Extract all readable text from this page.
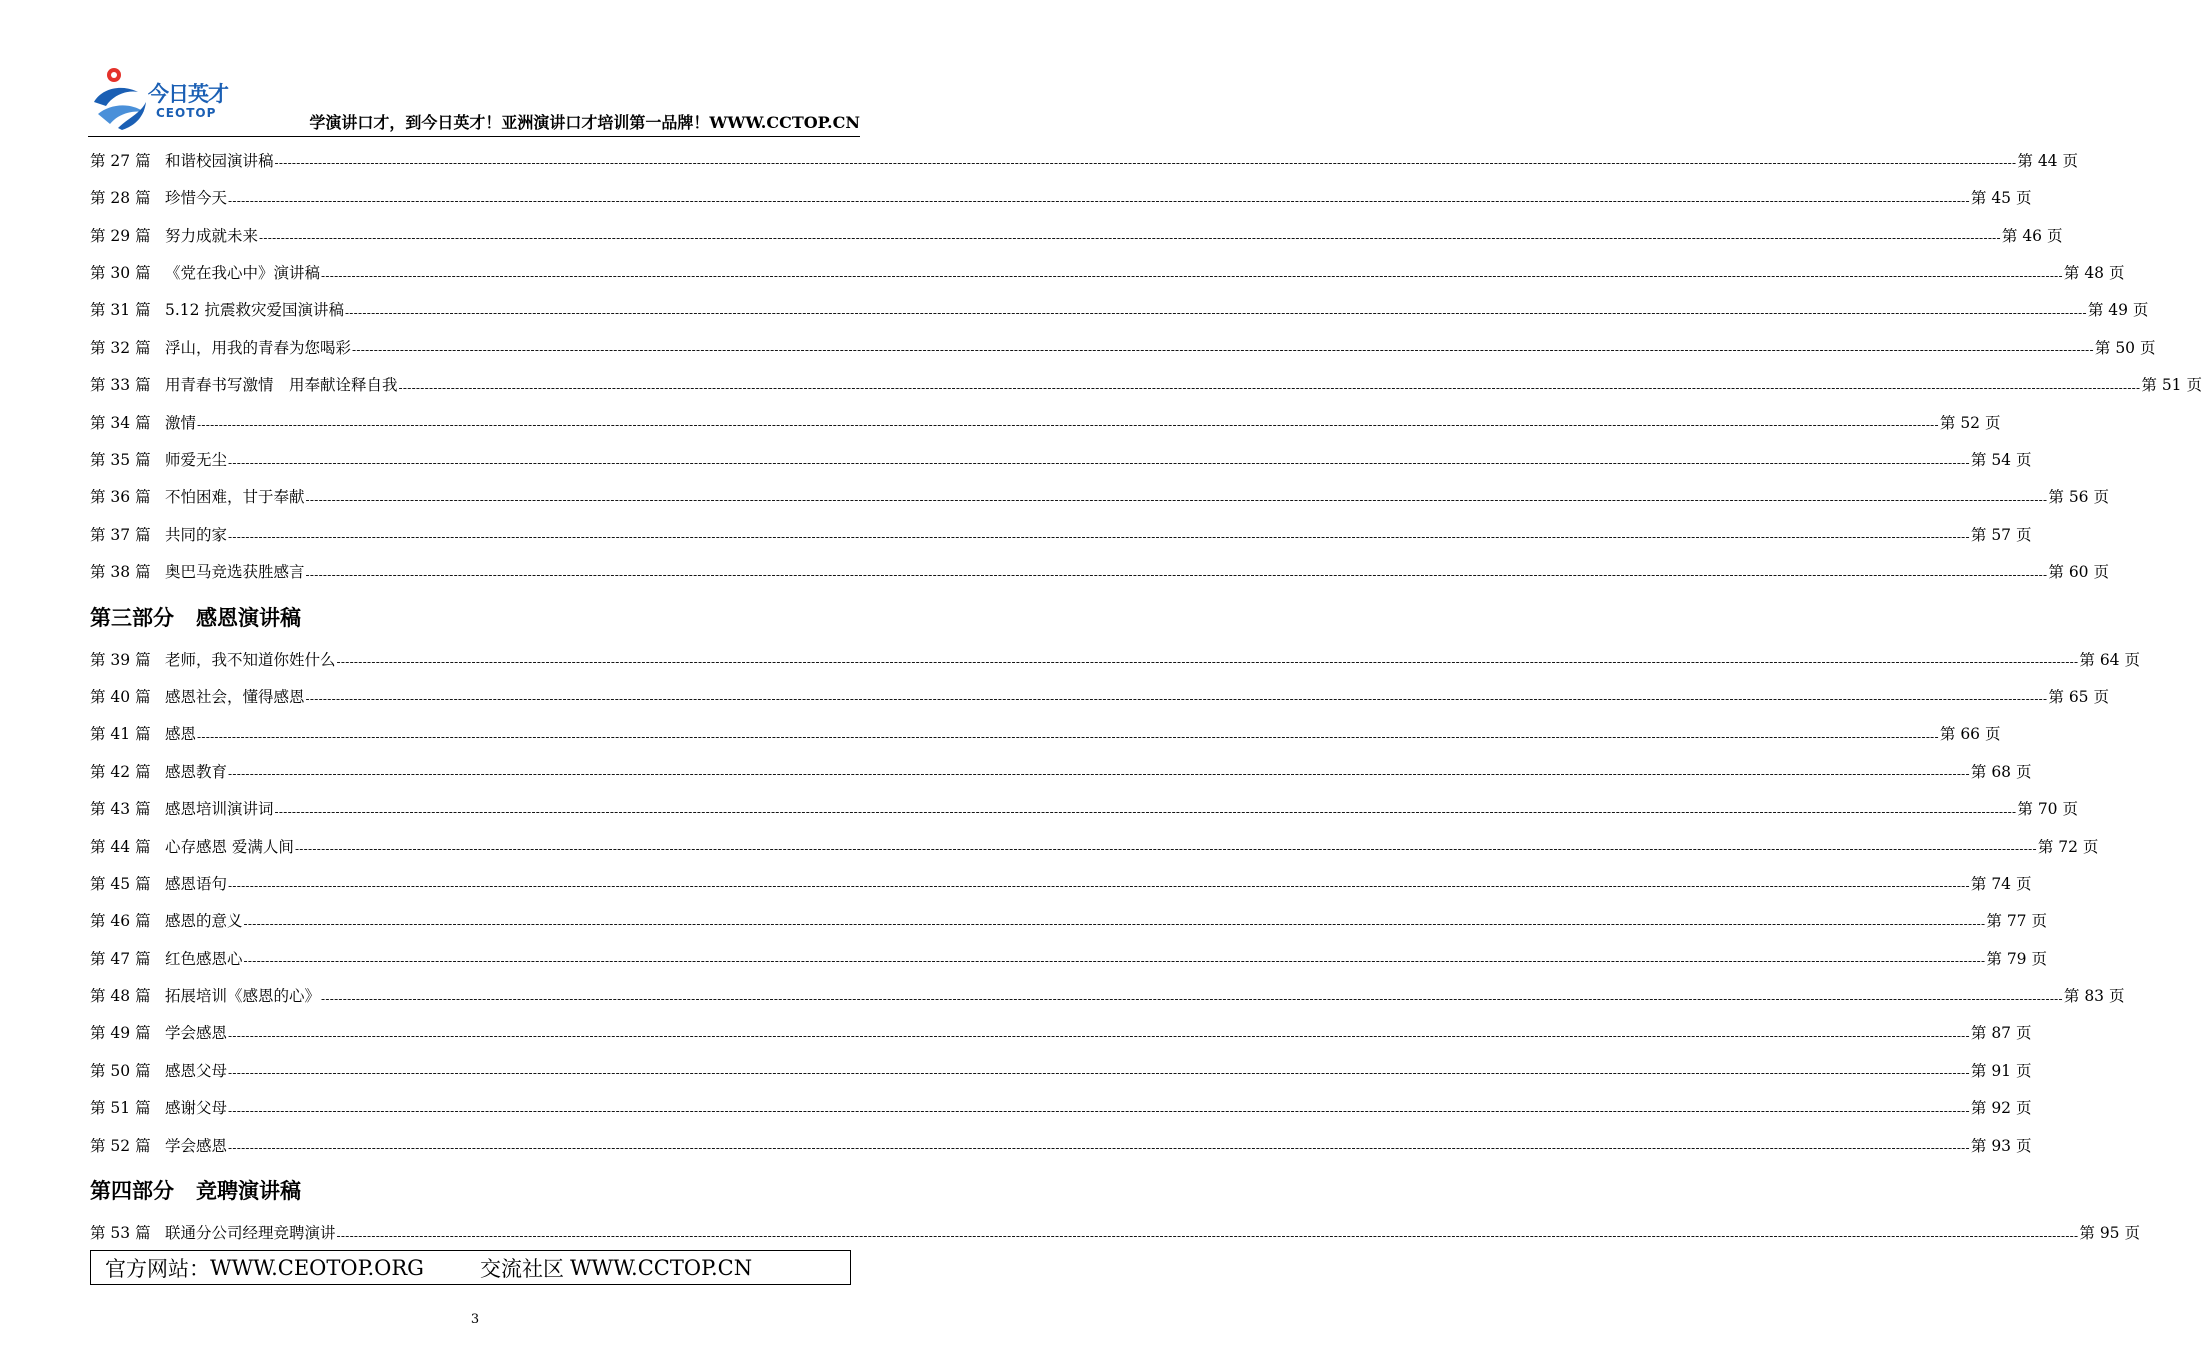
今日英才
CEOTOP	学演讲口才，到今日英才！亚洲演讲口才培训第一品牌！WWW.CCTOP.CN
第 27 篇 和谐校园演讲稿 ---------------------------------------------------------------------------------------------------------------------------------------------------------------------------------------------------------------------------------------------------------------------------------------------------------------------------------------------------------------------------------------------------------------- 第 44 页
第 28 篇 珍惜今天 ---------------------------------------------------------------------------------------------------------------------------------------------------------------------------------------------------------------------------------------------------------------------------------------------------------------------------------------------------------------------------------------------------------------- 第 45 页
第 29 篇 努力成就未来 ---------------------------------------------------------------------------------------------------------------------------------------------------------------------------------------------------------------------------------------------------------------------------------------------------------------------------------------------------------------------------------------------------------------- 第 46 页
第 30 篇 《党在我心中》演讲稿 ---------------------------------------------------------------------------------------------------------------------------------------------------------------------------------------------------------------------------------------------------------------------------------------------------------------------------------------------------------------------------------------------------------------- 第 48 页
第 31 篇 5.12 抗震救灾爱国演讲稿 ---------------------------------------------------------------------------------------------------------------------------------------------------------------------------------------------------------------------------------------------------------------------------------------------------------------------------------------------------------------------------------------------------------------- 第 49 页
第 32 篇 浮山，用我的青春为您喝彩 ---------------------------------------------------------------------------------------------------------------------------------------------------------------------------------------------------------------------------------------------------------------------------------------------------------------------------------------------------------------------------------------------------------------- 第 50 页
第 33 篇 用青春书写激情　用奉献诠释自我 ---------------------------------------------------------------------------------------------------------------------------------------------------------------------------------------------------------------------------------------------------------------------------------------------------------------------------------------------------------------------------------------------------------------- 第 51 页
第 34 篇 激情 ---------------------------------------------------------------------------------------------------------------------------------------------------------------------------------------------------------------------------------------------------------------------------------------------------------------------------------------------------------------------------------------------------------------- 第 52 页
第 35 篇 师爱无尘 ---------------------------------------------------------------------------------------------------------------------------------------------------------------------------------------------------------------------------------------------------------------------------------------------------------------------------------------------------------------------------------------------------------------- 第 54 页
第 36 篇 不怕困难，甘于奉献 ---------------------------------------------------------------------------------------------------------------------------------------------------------------------------------------------------------------------------------------------------------------------------------------------------------------------------------------------------------------------------------------------------------------- 第 56 页
第 37 篇 共同的家 ---------------------------------------------------------------------------------------------------------------------------------------------------------------------------------------------------------------------------------------------------------------------------------------------------------------------------------------------------------------------------------------------------------------- 第 57 页
第 38 篇 奥巴马竞选获胜感言 ---------------------------------------------------------------------------------------------------------------------------------------------------------------------------------------------------------------------------------------------------------------------------------------------------------------------------------------------------------------------------------------------------------------- 第 60 页
第三部分 感恩演讲稿
第 39 篇 老师，我不知道你姓什么 ---------------------------------------------------------------------------------------------------------------------------------------------------------------------------------------------------------------------------------------------------------------------------------------------------------------------------------------------------------------------------------------------------------------- 第 64 页
第 40 篇 感恩社会，懂得感恩 ---------------------------------------------------------------------------------------------------------------------------------------------------------------------------------------------------------------------------------------------------------------------------------------------------------------------------------------------------------------------------------------------------------------- 第 65 页
第 41 篇 感恩 ---------------------------------------------------------------------------------------------------------------------------------------------------------------------------------------------------------------------------------------------------------------------------------------------------------------------------------------------------------------------------------------------------------------- 第 66 页
第 42 篇 感恩教育 ---------------------------------------------------------------------------------------------------------------------------------------------------------------------------------------------------------------------------------------------------------------------------------------------------------------------------------------------------------------------------------------------------------------- 第 68 页
第 43 篇 感恩培训演讲词 ---------------------------------------------------------------------------------------------------------------------------------------------------------------------------------------------------------------------------------------------------------------------------------------------------------------------------------------------------------------------------------------------------------------- 第 70 页
第 44 篇 心存感恩 爱满人间 ---------------------------------------------------------------------------------------------------------------------------------------------------------------------------------------------------------------------------------------------------------------------------------------------------------------------------------------------------------------------------------------------------------------- 第 72 页
第 45 篇 感恩语句 ---------------------------------------------------------------------------------------------------------------------------------------------------------------------------------------------------------------------------------------------------------------------------------------------------------------------------------------------------------------------------------------------------------------- 第 74 页
第 46 篇 感恩的意义 ---------------------------------------------------------------------------------------------------------------------------------------------------------------------------------------------------------------------------------------------------------------------------------------------------------------------------------------------------------------------------------------------------------------- 第 77 页
第 47 篇 红色感恩心 ---------------------------------------------------------------------------------------------------------------------------------------------------------------------------------------------------------------------------------------------------------------------------------------------------------------------------------------------------------------------------------------------------------------- 第 79 页
第 48 篇 拓展培训《感恩的心》 ---------------------------------------------------------------------------------------------------------------------------------------------------------------------------------------------------------------------------------------------------------------------------------------------------------------------------------------------------------------------------------------------------------------- 第 83 页
第 49 篇 学会感恩 ---------------------------------------------------------------------------------------------------------------------------------------------------------------------------------------------------------------------------------------------------------------------------------------------------------------------------------------------------------------------------------------------------------------- 第 87 页
第 50 篇 感恩父母 ---------------------------------------------------------------------------------------------------------------------------------------------------------------------------------------------------------------------------------------------------------------------------------------------------------------------------------------------------------------------------------------------------------------- 第 91 页
第 51 篇 感谢父母 ---------------------------------------------------------------------------------------------------------------------------------------------------------------------------------------------------------------------------------------------------------------------------------------------------------------------------------------------------------------------------------------------------------------- 第 92 页
第 52 篇 学会感恩 ---------------------------------------------------------------------------------------------------------------------------------------------------------------------------------------------------------------------------------------------------------------------------------------------------------------------------------------------------------------------------------------------------------------- 第 93 页
第四部分 竞聘演讲稿
第 53 篇 联通分公司经理竞聘演讲 ---------------------------------------------------------------------------------------------------------------------------------------------------------------------------------------------------------------------------------------------------------------------------------------------------------------------------------------------------------------------------------------------------------------- 第 95 页
官方网站： WWW.CEOTOP.ORG	交流社区 WWW.CCTOP.CN
3
